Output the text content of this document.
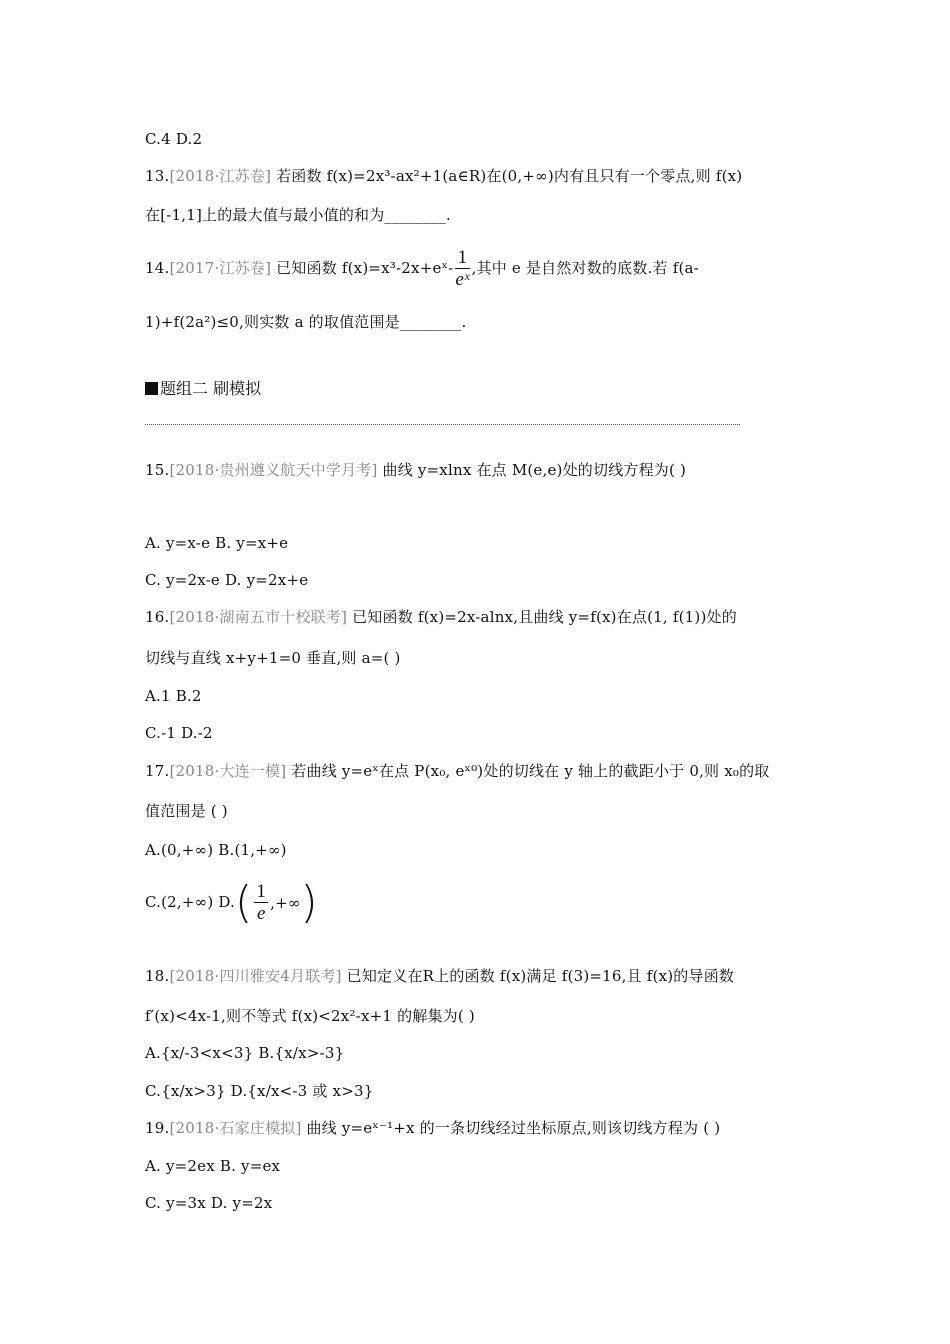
C.4 D.2
13.[2018·江苏卷] 若函数 f(x)=2x³-ax²+1(a∈R)在(0,+∞)内有且只有一个零点,则 f(x)
在[-1,1]上的最大值与最小值的和为________.
14.[2017·江苏卷] 已知函数 f(x)=x³-2x+eˣ- $\frac{1}{\text{eˣ}}$ ,其中 e 是自然对数的底数.若 f(a-
1)+f(2a²)≤0,则实数 a 的取值范围是________.
题组二 刷模拟
15.[2018·贵州遵义航天中学月考] 曲线 y=xlnx 在点 M(e,e)处的切线方程为( )
A. y=x-e B. y=x+e
C. y=2x-e D. y=2x+e
16.[2018·湖南五市十校联考] 已知函数 f(x)=2x-alnx,且曲线 y=f(x)在点(1, f(1))处的
切线与直线 x+y+1=0 垂直,则 a=( )
A.1 B.2
C.-1 D.-2
17.[2018·大连一模] 若曲线 y=eˣ在点 P(x₀, eˣ⁰)处的切线在 y 轴上的截距小于 0,则 x₀的取
值范围是 ( )
A.(0,+∞) B.(1,+∞)
C.(2,+∞) D. ( $\frac{1}{e}$ ,+∞ )
18.[2018·四川雅安4月联考] 已知定义在R上的函数 f(x)满足 f(3)=16,且 f(x)的导函数
f′(x)<4x-1,则不等式 f(x)<2x²-x+1 的解集为( )
A.{x/-3<x<3} B.{x/x>-3}
C.{x/x>3} D.{x/x<-3 或 x>3}
19.[2018·石家庄模拟] 曲线 y=eˣ⁻¹+x 的一条切线经过坐标原点,则该切线方程为 ( )
A. y=2ex B. y=ex
C. y=3x D. y=2x
